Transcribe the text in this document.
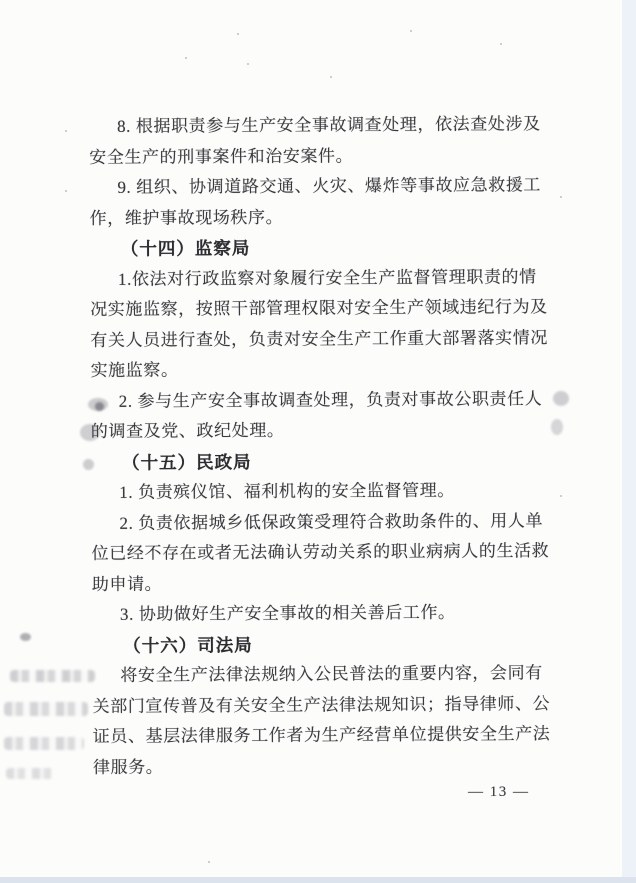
8. 根据职责参与生产安全事故调查处理，依法查处涉及
安全生产的刑事案件和治安案件。
9. 组织、协调道路交通、火灾、爆炸等事故应急救援工
作，维护事故现场秩序。
（十四）监察局
1.依法对行政监察对象履行安全生产监督管理职责的情
况实施监察，按照干部管理权限对安全生产领域违纪行为及
有关人员进行查处，负责对安全生产工作重大部署落实情况
实施监察。
2. 参与生产安全事故调查处理，负责对事故公职责任人
的调查及党、政纪处理。
（十五）民政局
1. 负责殡仪馆、福利机构的安全监督管理。
2. 负责依据城乡低保政策受理符合救助条件的、用人单
位已经不存在或者无法确认劳动关系的职业病病人的生活救
助申请。
3. 协助做好生产安全事故的相关善后工作。
（十六）司法局
将安全生产法律法规纳入公民普法的重要内容，会同有
关部门宣传普及有关安全生产法律法规知识；指导律师、公
证员、基层法律服务工作者为生产经营单位提供安全生产法
律服务。
— 13 —
